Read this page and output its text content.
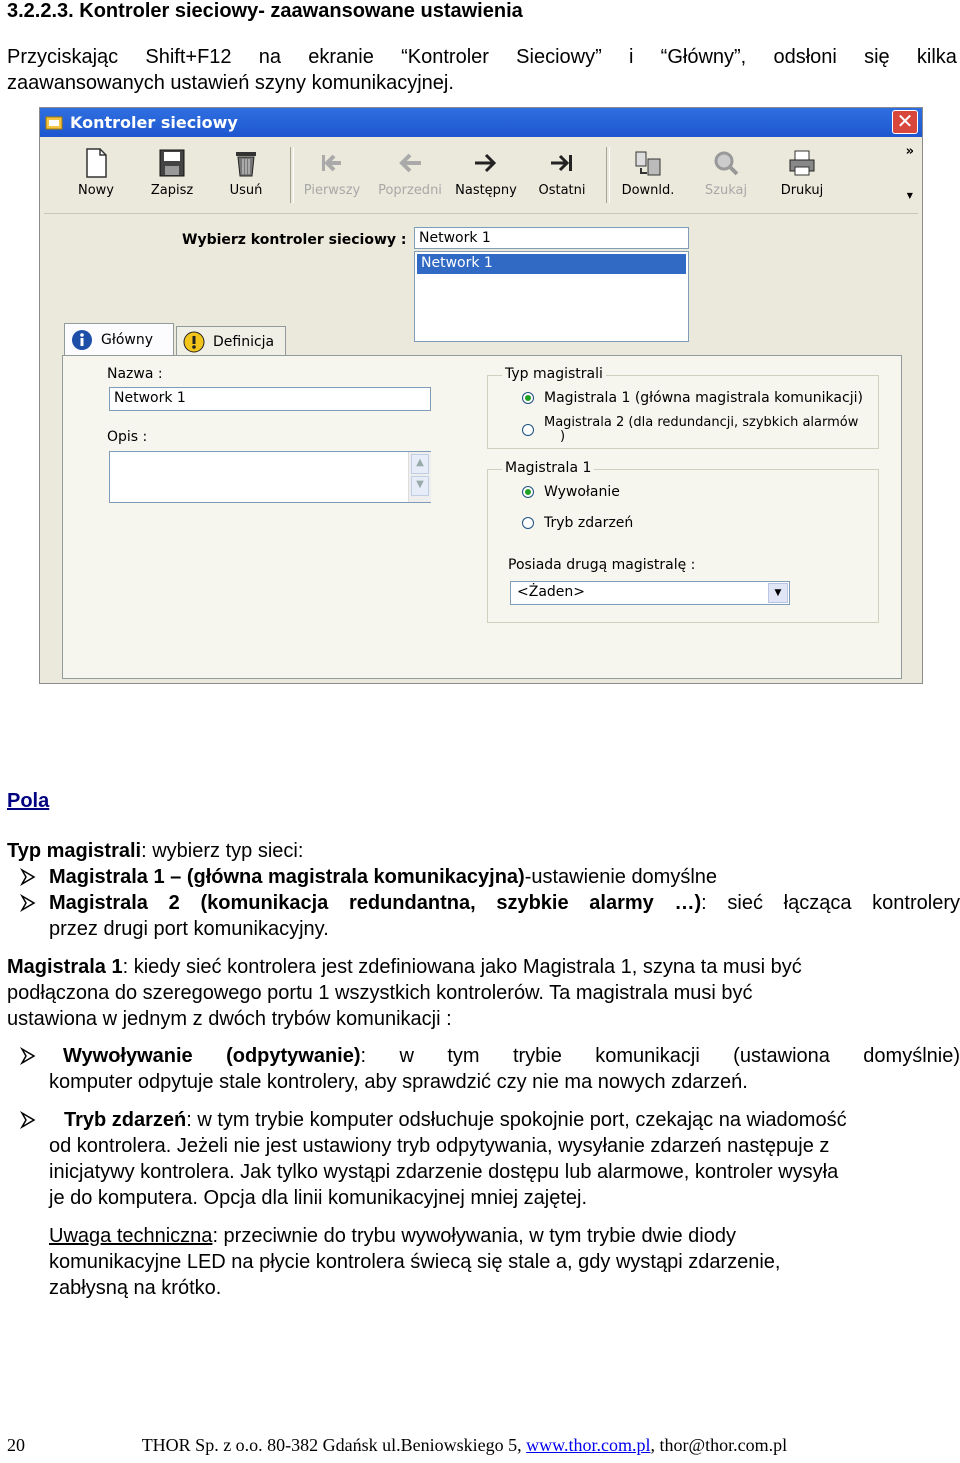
3.2.2.3. Kontroler sieciowy- zaawansowane ustawienia
Przyciskając Shift+F12 na ekranie “Kontroler Sieciowy” i “Główny”, odsłoni się kilka
zaawansowanych ustawień szyny komunikacyjnej.
Kontroler sieciowy	✕
Nowy	Zapisz	Usuń	Pierwszy	Poprzedni	Następny	Ostatni	Downld.	Szukaj	Drukuj
»
▼
Wybierz kontroler sieciowy : Network 1
Network 1
Główny	Definicja
Nazwa :
Network 1
Opis :
▲
▼
Typ magistrali
Magistrala 1 (główna magistrala komunikacji)
Magistrala 2 (dla redundancji, szybkich alarmów
)
Magistrala 1
Wywołanie
Tryb zdarzeń
Posiada drugą magistralę :
<Żaden>	▼
Pola
Typ magistrali: wybierz typ sieci:
Magistrala 1 – (główna magistrala komunikacyjna)-ustawienie domyślne
Magistrala 2 (komunikacja redundantna, szybkie alarmy …): sieć łącząca kontrolery
przez drugi port komunikacyjny.
Magistrala 1: kiedy sieć kontrolera jest zdefiniowana jako Magistrala 1, szyna ta musi być
podłączona do szeregowego portu 1 wszystkich kontrolerów. Ta magistrala musi być
ustawiona w jednym z dwóch trybów komunikacji :
Wywoływanie (odpytywanie): w tym trybie komunikacji (ustawiona domyślnie)
komputer odpytuje stale kontrolery, aby sprawdzić czy nie ma nowych zdarzeń.
Tryb zdarzeń: w tym trybie komputer odsłuchuje spokojnie port, czekając na wiadomość
od kontrolera. Jeżeli nie jest ustawiony tryb odpytywania, wysyłanie zdarzeń następuje z
inicjatywy kontrolera. Jak tylko wystąpi zdarzenie dostępu lub alarmowe, kontroler wysyła
je do komputera. Opcja dla linii komunikacyjnej mniej zajętej.
Uwaga techniczna: przeciwnie do trybu wywoływania, w tym trybie dwie diody
komunikacyjne LED na płycie kontrolera świecą się stale a, gdy wystąpi zdarzenie,
zabłysną na krótko.
20	THOR Sp. z o.o. 80-382 Gdańsk ul.Beniowskiego 5, www.thor.com.pl, thor@thor.com.pl
